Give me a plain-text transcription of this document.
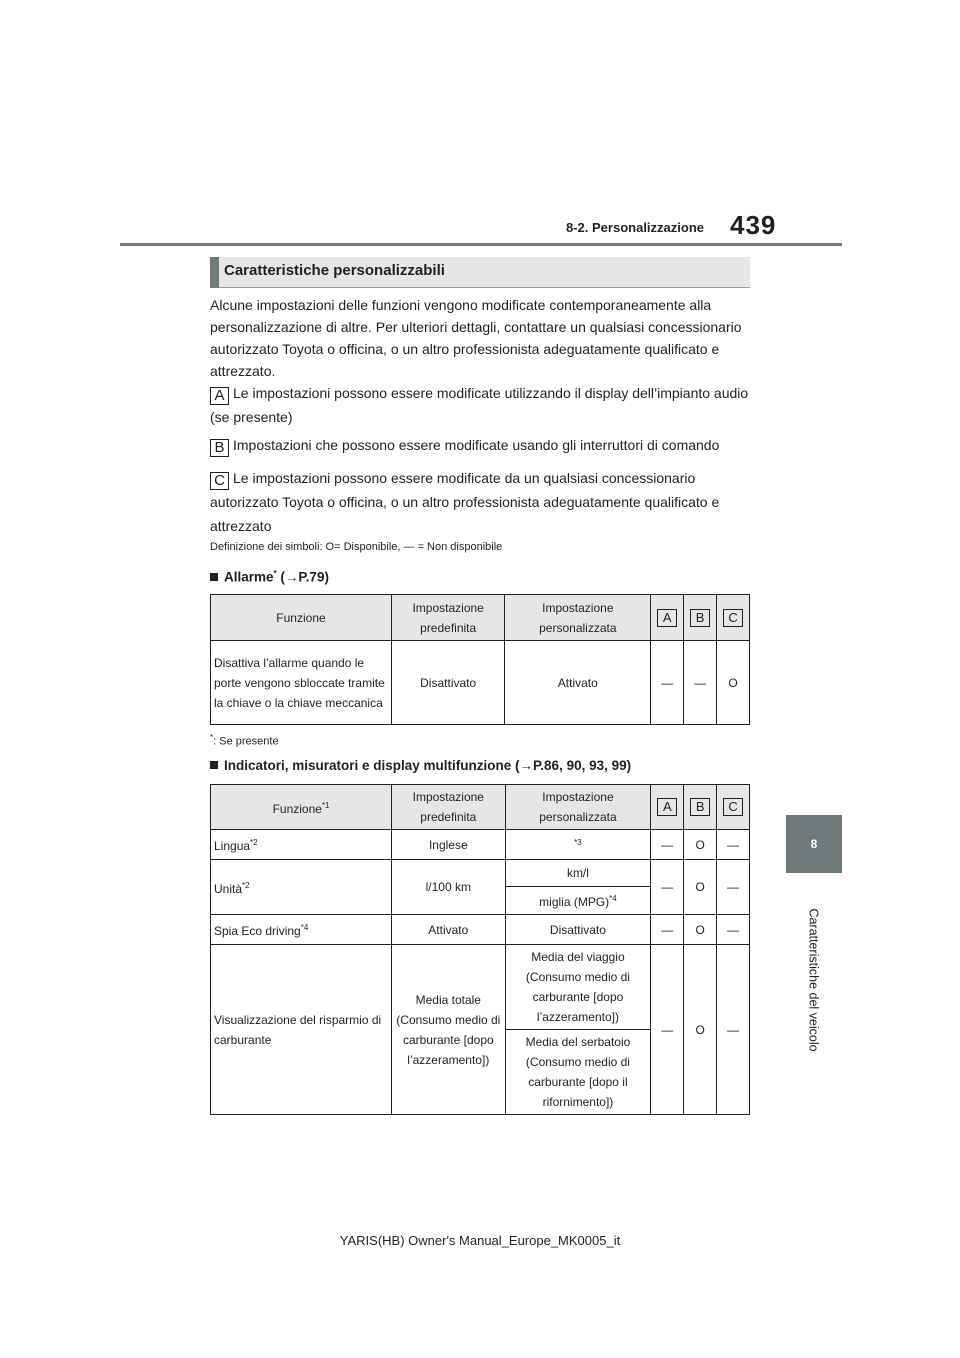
8-2. Personalizzazione 439
8
Caratteristiche del veicolo
Caratteristiche personalizzabili
Alcune impostazioni delle funzioni vengono modificate contemporaneamente alla personalizzazione di altre. Per ulteriori dettagli, contattare un qualsiasi concessionario autorizzato Toyota o officina, o un altro professionista adeguatamente qualificato e attrezzato.
A Le impostazioni possono essere modificate utilizzando il display dell’impianto audio (se presente)
B Impostazioni che possono essere modificate usando gli interruttori di comando
C Le impostazioni possono essere modificate da un qualsiasi concessionario autorizzato Toyota o officina, o un altro professionista adeguatamente qualificato e attrezzato
Definizione dei simboli: O= Disponibile, — = Non disponibile
Allarme* (→P.79)
Funzione	Impostazione predefinita	Impostazione personalizzata	A	B	C
Disattiva l’allarme quando le porte vengono sbloccate tramite la chiave o la chiave meccanica	Disattivato	Attivato	—	—	O
*: Se presente
Indicatori, misuratori e display multifunzione (→P.86, 90, 93, 99)
Funzione$^{*1}$	Impostazione predefinita	Impostazione personalizzata	A	B	C
Lingua$^{*2}$	Inglese	$^{*3}$	—	O	—
Unità$^{*2}$	l/100 km	km/l	—	O	—
		miglia (MPG)$^{*4}$
Spia Eco driving$^{*4}$	Attivato	Disattivato	—	O	—
Visualizzazione del risparmio di carburante	Media totale (Consumo medio di carburante [dopo l’azzeramento])	Media del viaggio (Consumo medio di carburante [dopo l’azzeramento])	—	O	—
		Media del serbatoio (Consumo medio di carburante [dopo il rifornimento])			
YARIS(HB) Owner's Manual_Europe_MK0005_it
